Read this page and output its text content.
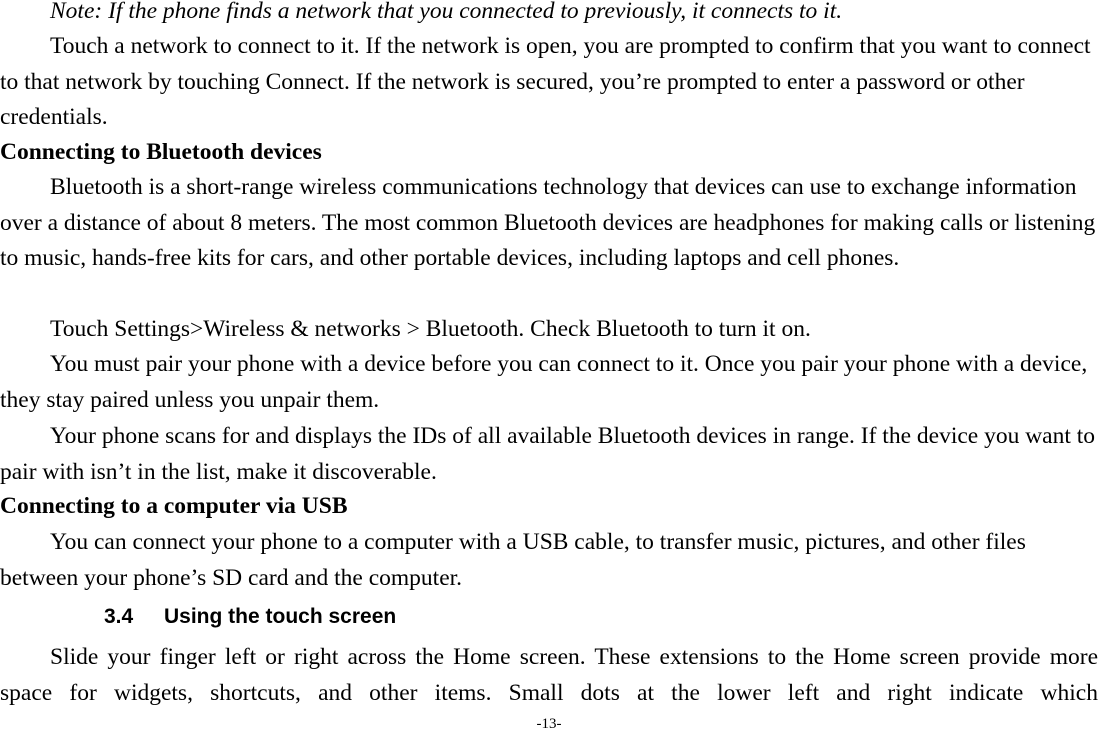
Note: If the phone finds a network that you connected to previously, it connects to it.

Touch a network to connect to it. If the network is open, you are prompted to confirm that you want to connect to that network by touching Connect. If the network is secured, you’re prompted to enter a password or other credentials.

Connecting to Bluetooth devices

Bluetooth is a short-range wireless communications technology that devices can use to exchange information over a distance of about 8 meters. The most common Bluetooth devices are headphones for making calls or listening to music, hands-free kits for cars, and other portable devices, including laptops and cell phones.

Touch Settings>Wireless & networks > Bluetooth. Check Bluetooth to turn it on.

You must pair your phone with a device before you can connect to it. Once you pair your phone with a device, they stay paired unless you unpair them.

Your phone scans for and displays the IDs of all available Bluetooth devices in range. If the device you want to pair with isn’t in the list, make it discoverable.

Connecting to a computer via USB

You can connect your phone to a computer with a USB cable, to transfer music, pictures, and other files between your phone’s SD card and the computer.

3.4 Using the touch screen

Slide your finger left or right across the Home screen. These extensions to the Home screen provide more space for widgets, shortcuts, and other items. Small dots at the lower left and right indicate which

-13-
